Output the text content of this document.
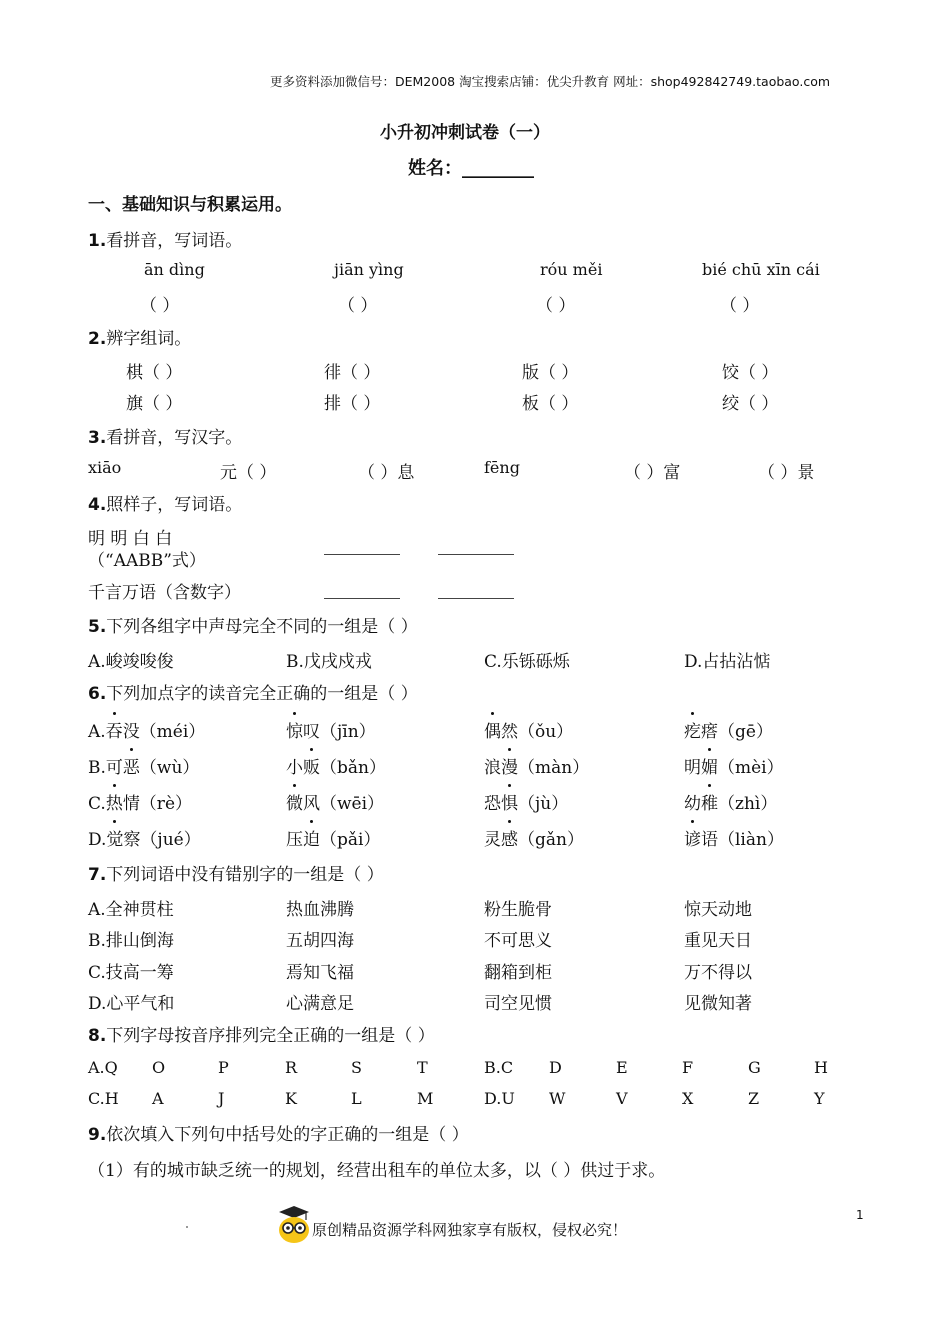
更多资料添加微信号：DEM2008 淘宝搜索店铺：优尖升教育 网址：shop492842749.taobao.com
小升初冲刺试卷（一）
姓名：________
一、基础知识与积累运用。
1.看拼音，写词语。
ān dìng	jiān yìng	róu měi	bié chū xīn cái
（ ）	（ ）	（ ）	（ ）
2.辨字组词。
棋（ ）	徘（ ）	版（ ）	饺（ ）
旗（ ）	排（ ）	板（ ）	绞（ ）
3.看拼音，写汉字。
xiāo	元（ ）	（ ）息	fēng	（ ）富	（ ）景
4.照样子，写词语。
明 明 白 白
（“AABB”式）
千言万语（含数字）
5.下列各组字中声母完全不同的一组是（ ）
A.峻竣唆俊	B.戊戌戍戎	C.乐铄砾烁	D.占拈沾惦
6.下列加点字的读音完全正确的一组是（ ）
A.吞没（méi）	惊叹（jīn）	偶然（ǒu）	疙瘩（gē）
B.可恶（wù）	小贩（bǎn）	浪漫（màn）	明媚（mèi）
C.热情（rè）	微风（wēi）	恐惧（jù）	幼稚（zhì）
D.觉察（jué）	压迫（pǎi）	灵感（gǎn）	谚语（liàn）
7.下列词语中没有错别字的一组是（ ）
A.全神贯柱	热血沸腾	粉生脆骨	惊天动地
B.排山倒海	五胡四海	不可思义	重见天日
C.技高一筹	焉知飞福	翻箱到柜	万不得以
D.心平气和	心满意足	司空见惯	见微知著
8.下列字母按音序排列完全正确的一组是（ ）
A.Q O	P	R	S	T	B.C D	E	F	G	H
C.H A	J	K	L	M	D.U W	V	X	Z	Y
9.依次填入下列句中括号处的字正确的一组是（ ）
（1）有的城市缺乏统一的规划，经营出租车的单位太多，以（ ）供过于求。
原创精品资源学科网独家享有版权，侵权必究！
1
